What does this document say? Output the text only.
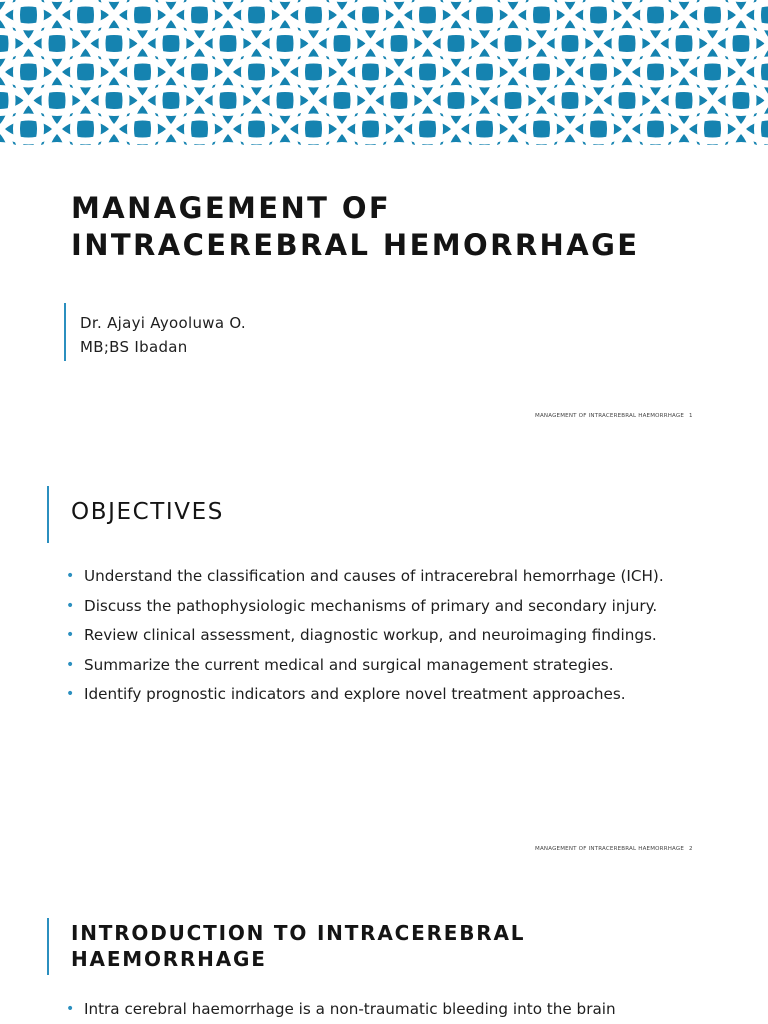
MANAGEMENT OF
INTRACEREBRAL HEMORRHAGE
Dr. Ajayi Ayooluwa O.
MB;BS Ibadan
MANAGEMENT OF INTRACEREBRAL HAEMORRHAGE 1
OBJECTIVES
• Understand the classification and causes of intracerebral hemorrhage (ICH).
• Discuss the pathophysiologic mechanisms of primary and secondary injury.
• Review clinical assessment, diagnostic workup, and neuroimaging findings.
• Summarize the current medical and surgical management strategies.
• Identify prognostic indicators and explore novel treatment approaches.
MANAGEMENT OF INTRACEREBRAL HAEMORRHAGE 2
INTRODUCTION TO INTRACEREBRAL
HAEMORRHAGE
• Intra cerebral haemorrhage is a non-traumatic bleeding into the brain
